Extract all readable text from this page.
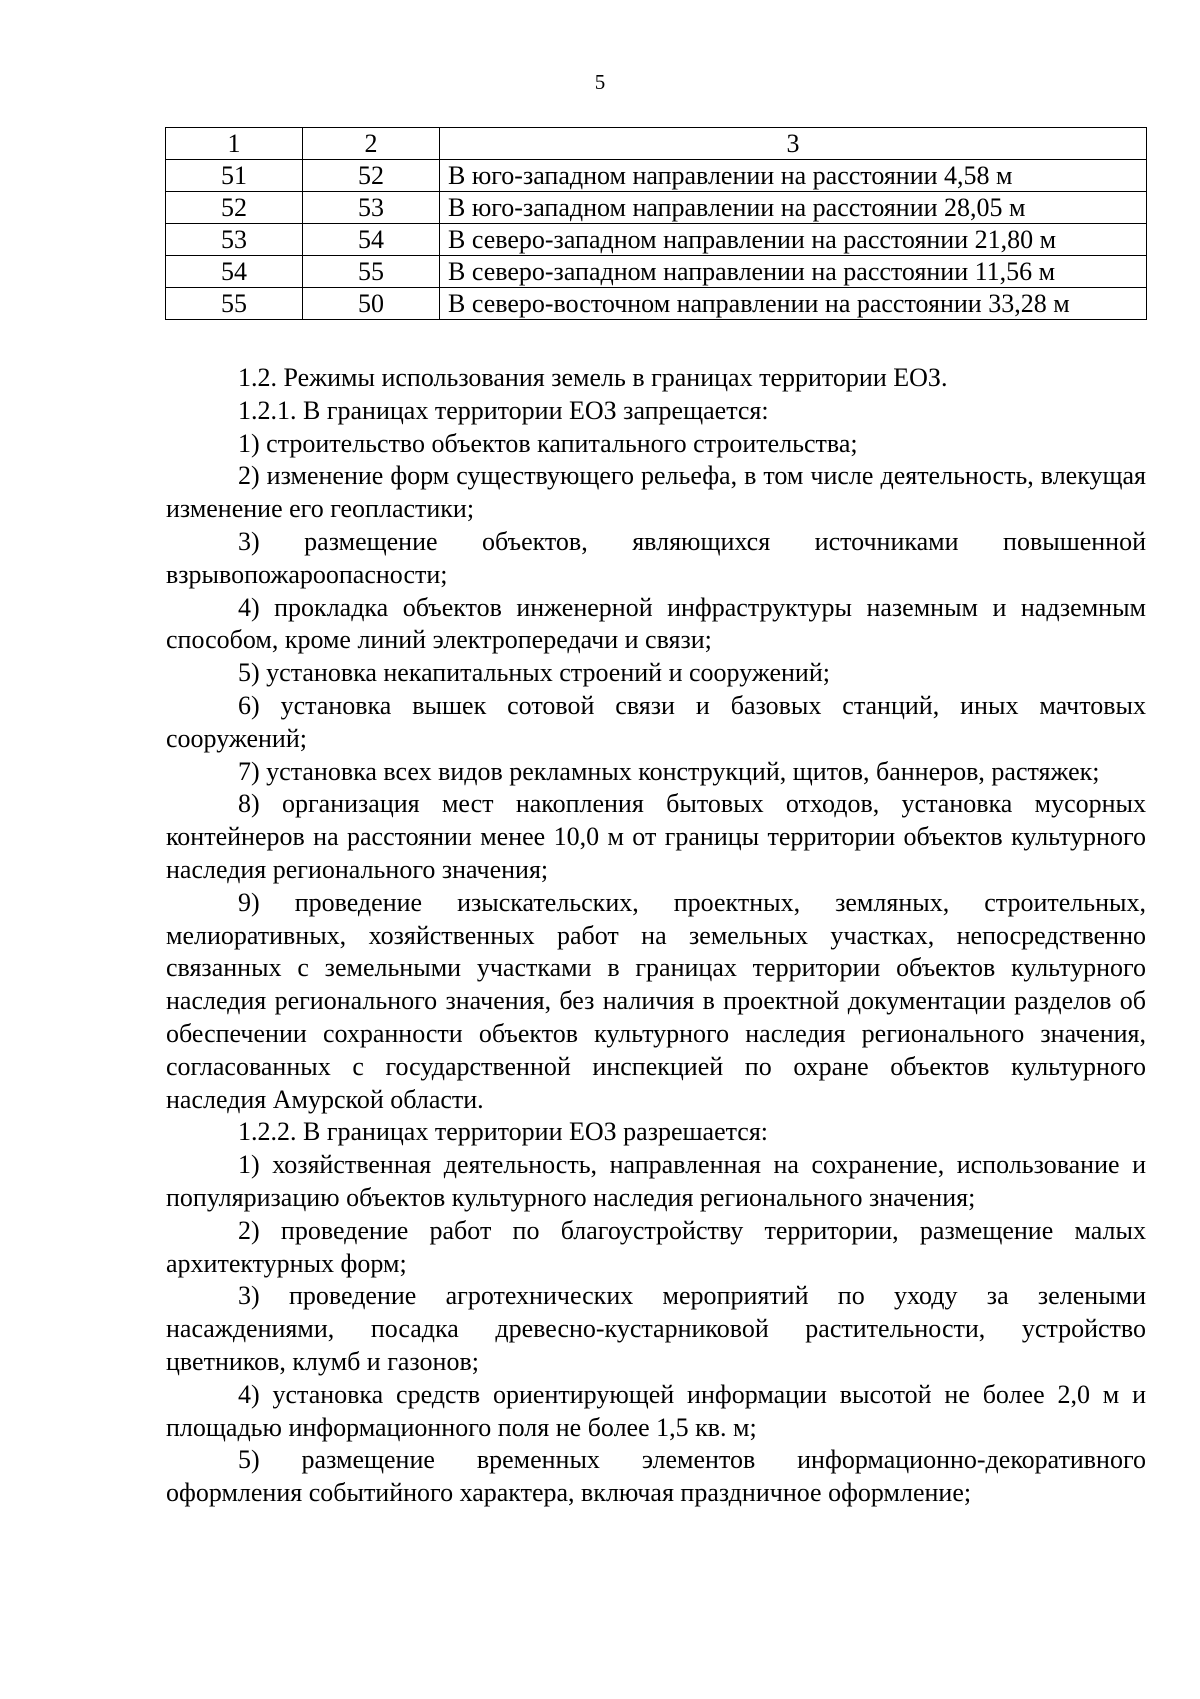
5
1	2	3
51	52	В юго-западном направлении на расстоянии 4,58 м
52	53	В юго-западном направлении на расстоянии 28,05 м
53	54	В северо-западном направлении на расстоянии 21,80 м
54	55	В северо-западном направлении на расстоянии 11,56 м
55	50	В северо-восточном направлении на расстоянии 33,28 м

1.2. Режимы использования земель в границах территории ЕОЗ.

1.2.1. В границах территории ЕОЗ запрещается:

1) строительство объектов капитального строительства;

2) изменение форм существующего рельефа, в том числе деятельность, влекущая изменение его геопластики;

3) размещение объектов, являющихся источниками повышенной взрывопожароопасности;

4) прокладка объектов инженерной инфраструктуры наземным и надземным способом, кроме линий электропередачи и связи;

5) установка некапитальных строений и сооружений;

6) установка вышек сотовой связи и базовых станций, иных мачтовых сооружений;

7) установка всех видов рекламных конструкций, щитов, баннеров, растяжек;

8) организация мест накопления бытовых отходов, установка мусорных контейнеров на расстоянии менее 10,0 м от границы территории объектов культурного наследия регионального значения;

9) проведение изыскательских, проектных, земляных, строительных, мелиоративных, хозяйственных работ на земельных участках, непосредственно связанных с земельными участками в границах территории объектов культурного наследия регионального значения, без наличия в проектной документации разделов об обеспечении сохранности объектов культурного наследия регионального значения, согласованных с государственной инспекцией по охране объектов культурного наследия Амурской области.

1.2.2. В границах территории ЕОЗ разрешается:

1) хозяйственная деятельность, направленная на сохранение, использование и популяризацию объектов культурного наследия регионального значения;

2) проведение работ по благоустройству территории, размещение малых архитектурных форм;

3) проведение агротехнических мероприятий по уходу за зелеными насаждениями, посадка древесно-кустарниковой растительности, устройство цветников, клумб и газонов;

4) установка средств ориентирующей информации высотой не более 2,0 м и площадью информационного поля не более 1,5 кв. м;

5) размещение временных элементов информационно-декоративного оформления событийного характера, включая праздничное оформление;
